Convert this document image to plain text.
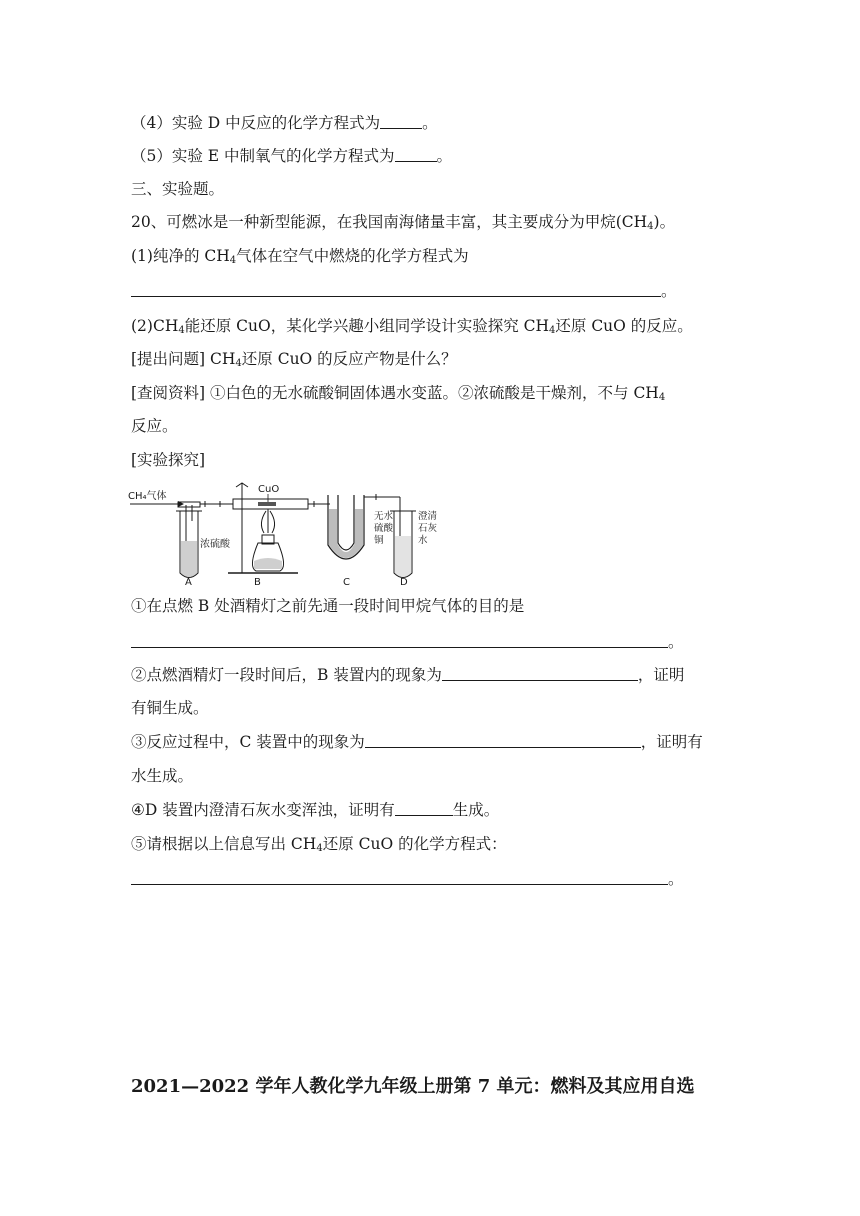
（4）实验 D 中反应的化学方程式为	。
（5）实验 E 中制氧气的化学方程式为	。
三、实验题。
20、可燃冰是一种新型能源，在我国南海储量丰富，其主要成分为甲烷$(CH_4)$。
(1)纯净的 $CH_4$气体在空气中燃烧的化学方程式为
。
$(2)CH_4$能还原 CuO，某化学兴趣小组同学设计实验探究 $CH_4$还原 CuO 的反应。
[提出问题] $CH_4$还原 CuO 的反应产物是什么？
[查阅资料] ①白色的无水硫酸铜固体遇水变蓝。②浓硫酸是干燥剂，不与 $CH_4$
反应。
[实验探究]
CH₄气体
浓硫酸
CuO
无水
硫酸
铜
澄清
石灰
水
A	B	C	D
①在点燃 B 处酒精灯之前先通一段时间甲烷气体的目的是
。
②点燃酒精灯一段时间后，B 装置内的现象为	，证明
有铜生成。
③反应过程中，C 装置中的现象为	，证明有
水生成。
④D 装置内澄清石灰水变浑浊，证明有	生成。
⑤请根据以上信息写出 $CH_4$还原 CuO 的化学方程式：
。
2021—2022 学年人教化学九年级上册第 7 单元：燃料及其应用自选
